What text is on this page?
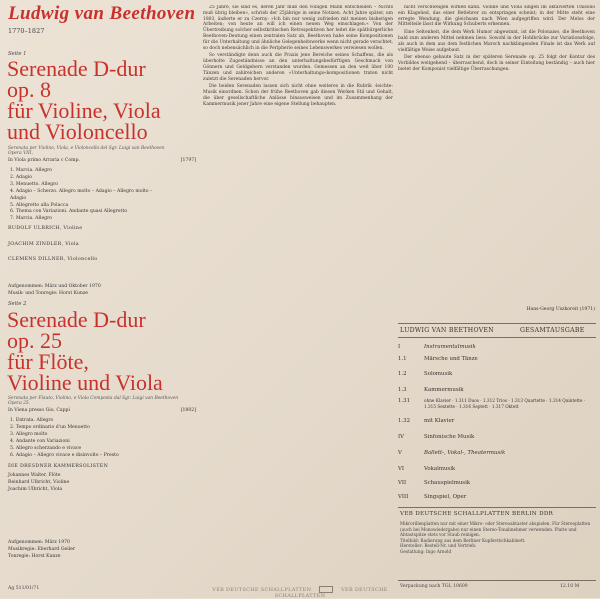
Ludwig van Beethoven
1770–1827
Seite 1
Serenade D-dur
op. 8
für Violine, Viola
und Violoncello
Serenata per Violino, Viola, e Violoncello del Sgr. Luigi van Beethoven
Opera VIII.
In Viola primo Arraria c Comp.	[1797]
1. Marcia. Allegro
2. Adagio
3. Menuetto. Allegro
4. Adagio – Scherzo. Allegro molto – Adagio – Allegro molto –
Adagio
5. Allegretto alla Polacca
6. Thema con Variazioni. Andante quasi Allegretto
7. Marcia. Allegro
RUDOLF ULBRICH, Violine
JOACHIM ZINDLER, Viola
CLEMENS DILLNER, Violoncello
Aufgenommen: März und Oktober 1970
Musik- und Tonregie: Horst Kunze
Seite 2
Serenade D-dur
op. 25
für Flöte,
Violine und Viola
Serenata per Flauto, Violino, e Viola Composta dal Sgr. Luigi van Beethoven
Opera 25.
In Viena presso Gio. Cappi	[1802]
1. Entrata. Allegro
2. Tempo ordinario d'un Menuetto
3. Allegro molto
4. Andante con Variazioni
5. Allegro scherzando e vivace
6. Adagio – Allegro vivace e disinvolto – Presto
DIE DRESDNER KAMMERSOLISTEN
Johannes Walter, Flöte
Reinhard Ulbricht, Violine
Joachim Ulbricht, Viola
Aufgenommen: März 1970
Musikregie: Eberhard Geiler
Tonregie: Horst Kunze

25 Jahre, sie sind es, deren Jahr muß den völligen Mann entscheiden – Nichts muß übrig bleiben«, schrieb der 25jährige in seine Notizen. Acht Jahre später, um 1803, äußerte er zu Czerny: »Ich bin nur wenig zufrieden mit meinen bisherigen Arbeiten; von heute an will ich einen neuen Weg einschlagen.« Von der Übertreibung solcher selbstkritischen Retrospektiven her leitet die spätbürgerliche Beethoven-Deutung einen zentralen Satz ab, Beethoven habe seine Kompositionen für die Unterhaltung und ähnliche Gelegenheitswerke wenn nicht gerade verachtet, so doch nebensächlich in die Peripherie seines Lebenswerkes verwiesen wollen.

So verständigte denn auch die Praxis jene Bereiche seines Schaffens, die als überholte Zugeständnisse an den unterhaltungsbedürftigen Geschmack von Gönnern und Geldgebern verstanden wurden. Gemessen an den weit über 100 Tänzen und zahlreichen anderen »Unterhaltungs«kompositionen traten nicht zuletzt die Serenaden hervor.

Die beiden Serenaden lassen sich nicht ohne weiteres in die Rubrik ›leichte‹ Musik einordnen. Schon der frühe Beethoven gab diesen Werken Stil und Gehalt, die über gesellschaftliche Anlässe hinausweisen und im Zusammenhang der Kammermusik jener Jahre eine eigene Stellung behaupten.

nicht verschweigen wirken kann. Violine und Viola singen im oktavierten Unisono ein Klagelied, das einer Betlehrer zu entspringen scheint; in der Mitte steht eine erregte Wendung, die gleichsam nach Wien aufgegriffen wird. Der Melos der Mittelteile lässt die Wirkung Schuberts erkennen.

Eine Seltenheit, die dem Werk Humor abgewinnt, ist die Polonaise, die Beethoven bald zum anderen Mittel nehmen liess. Sowohl in der Hohlbrücke zur Variationsfolge, als auch in dem aus dem festlichen Marsch nachklingenden Finale ist das Werk auf vielfältige Weise aufgebaut.

Der ebenso gebaute Satz in der späteren Serenade op. 25 folgt der Kontur des Vorbildes weitgehend – überraschend, doch in seiner Einteilung beständig – auch hier bietet der Komponist vielfältige Überraschungen.

Hans-Georg Uszkoreit (1971)
LUDWIG VAN BEETHOVEN	GESAMTAUSGABE
I	Instrumentalmusik
1.1	Märsche und Tänze
1.2	Solomusik
1.3	Kammermusik
1.31	ohne Klavier · 1.311 Duos · 1.312 Trios · 1.313 Quartette · 1.314 Quintette · 1.315 Sextette · 1.316 Septett · 1.317 Oktett
1.32	mit Klavier
IV	Sinfonische Musik
V	Ballett-, Vokal-, Theatermusik
VI	Vokalmusik
VII	Schauspielmusik
VIII	Singspiel, Oper
VEB DEUTSCHE SCHALLPLATTEN BERLIN DDR
Mikrorillenplatten nur mit einer Mikro- oder Stereoabtaster abspielen. Für Stereoplatten (auch bei Monowiedergabe) nur einen Stereo-Tonabnehmer verwenden. Platte und Abtastspitze stets vor Staub reinigen.
Titelbild: Radierung aus dem Berliner Kupferstichkabinett.
Hersteller: Bestell-Nr. und Vertrieb:
Gestaltung: Ingo Arnold
Verpackung nach TGL 10609	12.10 M
Ag 511/01/71	VEB DEUTSCHE SCHALLPLATTEN	VEB DEUTSCHE SCHALLPLATTEN
